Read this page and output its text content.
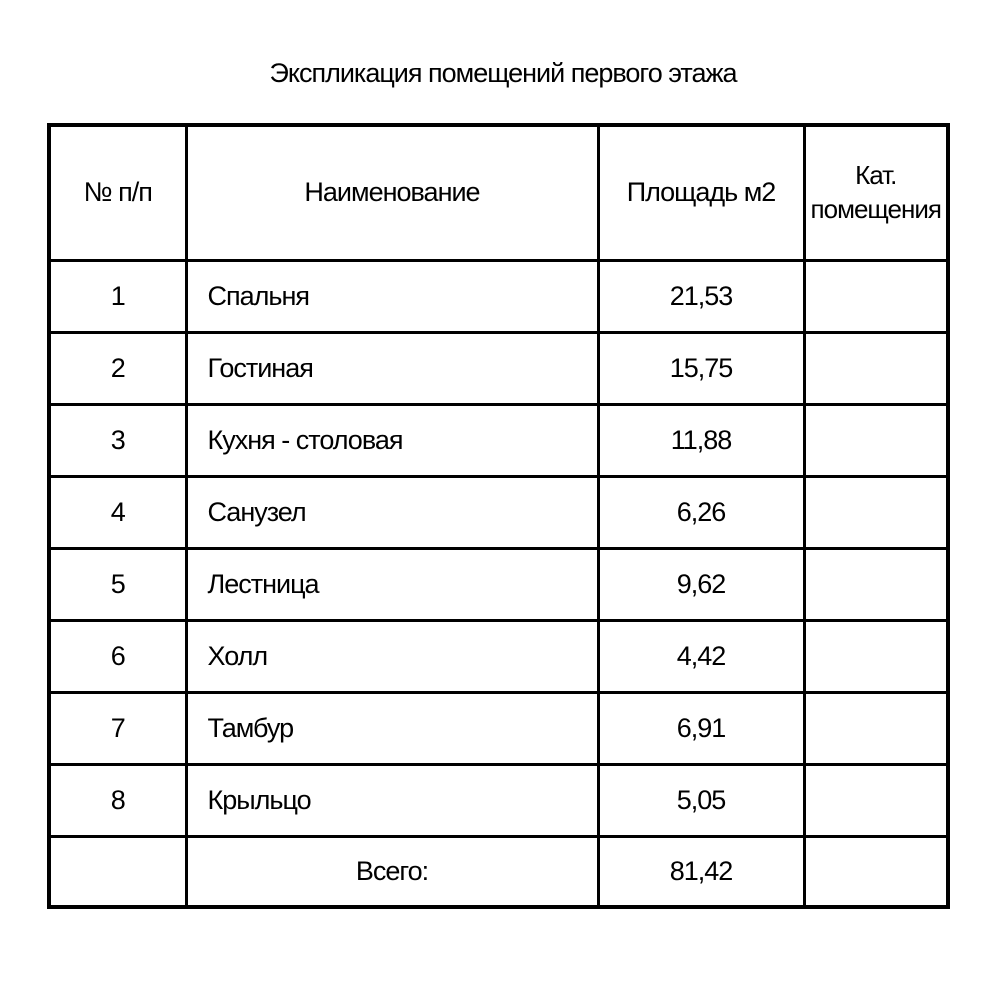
Экспликация помещений первого этажа
№ п/п	Наименование	Площадь м2	Кат. помещения
1	Спальня	21,53	
2	Гостиная	15,75	
3	Кухня - столовая	11,88	
4	Санузел	6,26	
5	Лестница	9,62	
6	Холл	4,42	
7	Тамбур	6,91	
8	Крыльцо	5,05	
	Всего:	81,42	
